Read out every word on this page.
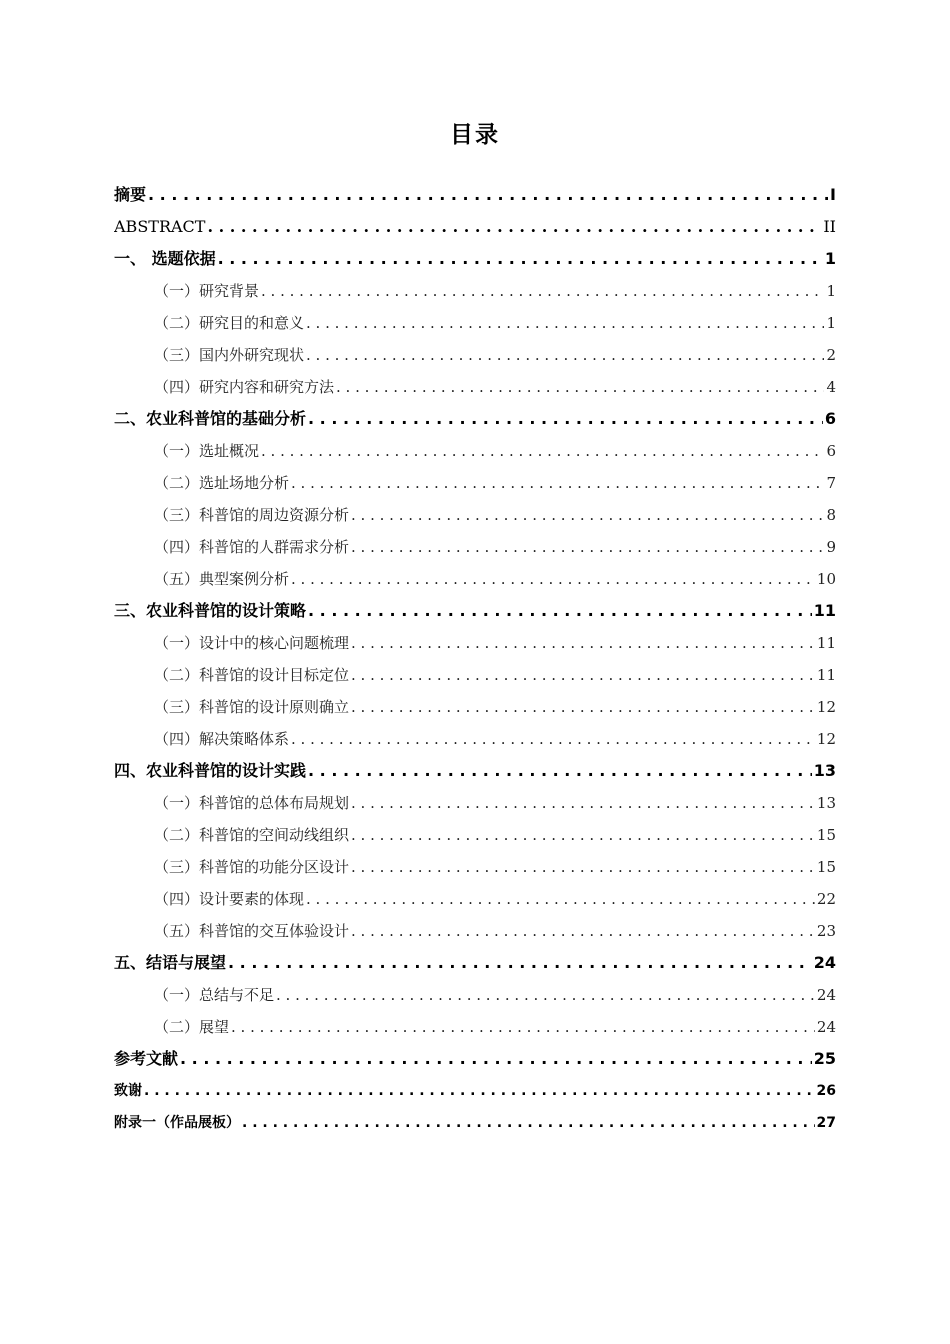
目录
摘要 . . .	I
ABSTRACT . . .	II
一、 选题依据 . . .	1
（一）研究背景 . . .	1
（二）研究目的和意义 . . .	1
（三）国内外研究现状 . . .	2
（四）研究内容和研究方法 . . .	4
二、农业科普馆的基础分析 . . .	6
（一）选址概况 . . .	6
（二）选址场地分析 . . .	7
（三）科普馆的周边资源分析 . . .	8
（四）科普馆的人群需求分析 . . .	9
（五）典型案例分析 . . .	10
三、农业科普馆的设计策略 . . .	11
（一）设计中的核心问题梳理 . . .	11
（二）科普馆的设计目标定位 . . .	11
（三）科普馆的设计原则确立 . . .	12
（四）解决策略体系 . . .	12
四、农业科普馆的设计实践 . . .	13
（一）科普馆的总体布局规划 . . .	13
（二）科普馆的空间动线组织 . . .	15
（三）科普馆的功能分区设计 . . .	15
（四）设计要素的体现 . . .	22
（五）科普馆的交互体验设计 . . .	23
五、结语与展望 . . .	24
（一）总结与不足 . . .	24
（二）展望 . . .	24
参考文献 . . .	25
致谢 . . .	26
附录一（作品展板） . . .	27
